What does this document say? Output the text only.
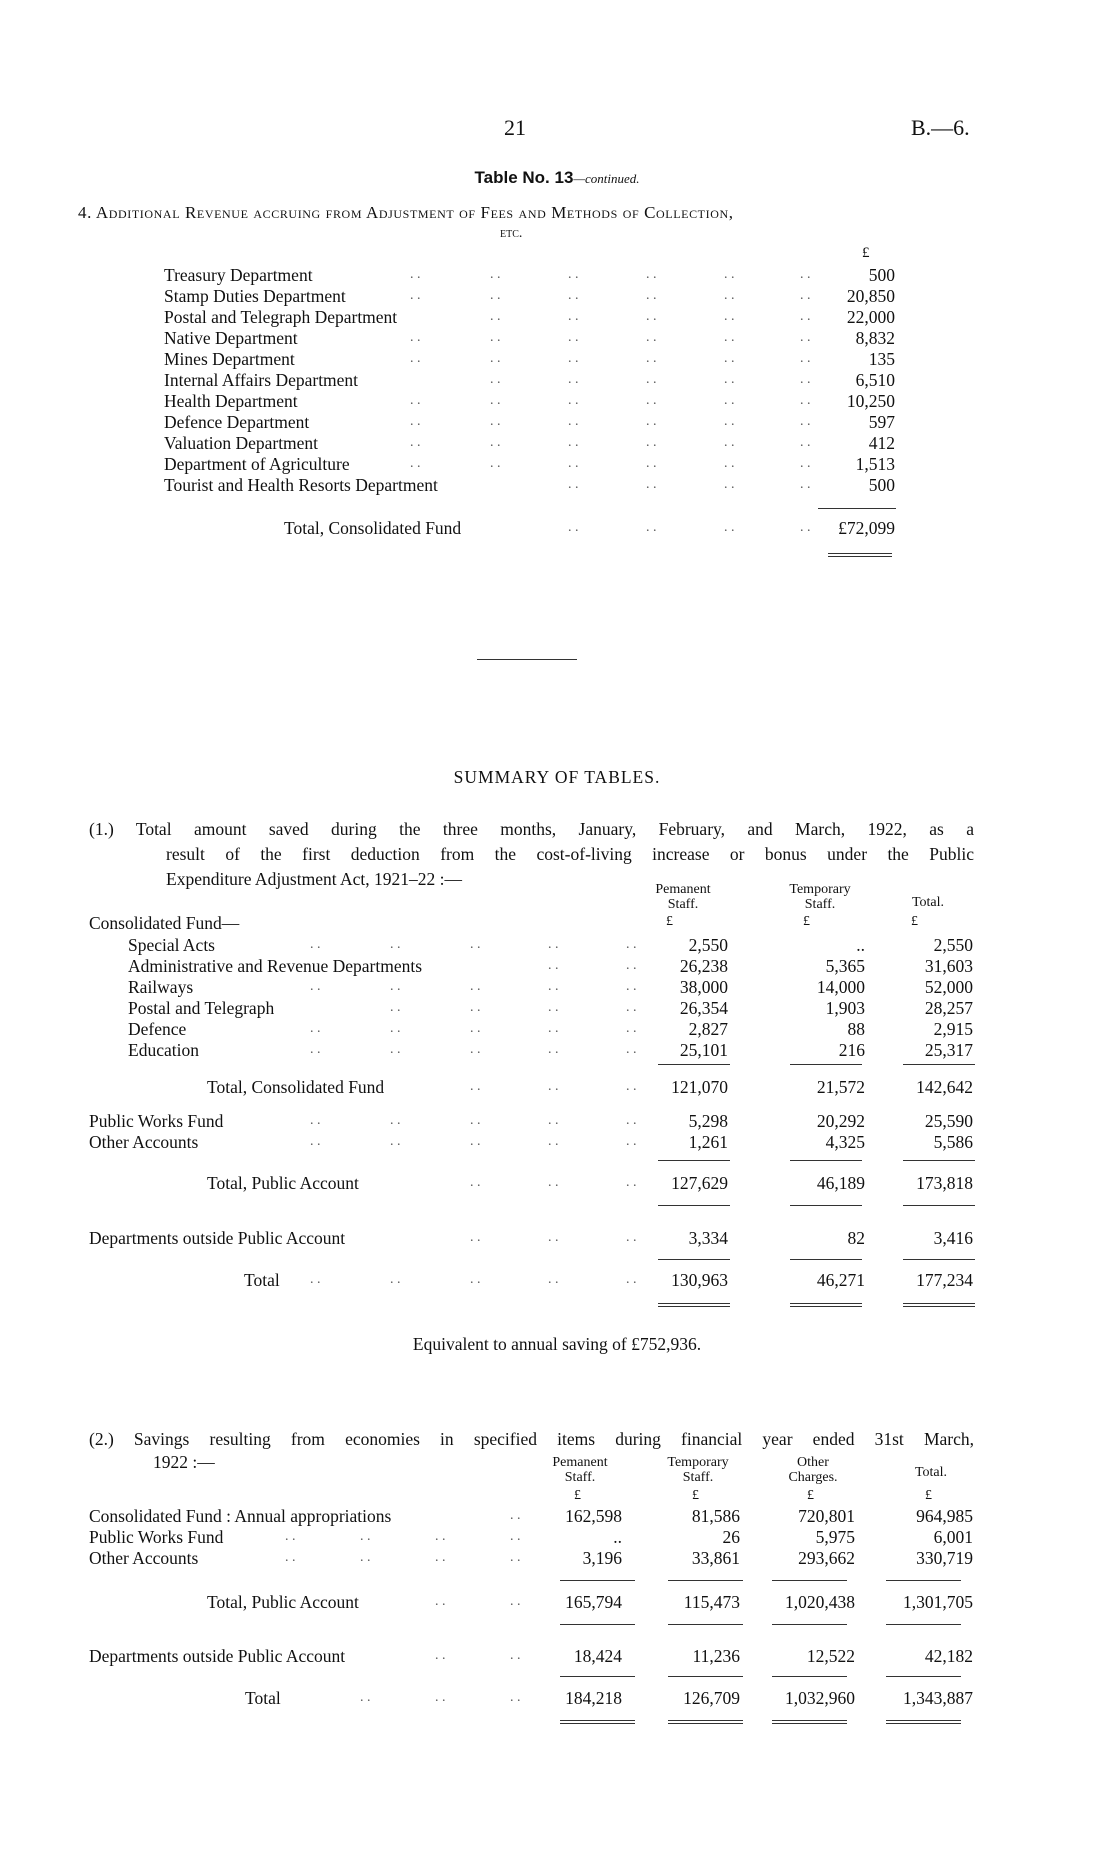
21	B.—6.
Table No. 13—continued.
4. Additional Revenue accruing from Adjustment of Fees and Methods of Collection,
etc.
£
Treasury Department	. .	. .	. .	. .	. .	. .	500
Stamp Duties Department	. .	. .	. .	. .	. .	. .	20,850
Postal and Telegraph Department	. .	. .	. .	. .	. .	22,000
Native Department	. .	. .	. .	. .	. .	. .	8,832
Mines Department	. .	. .	. .	. .	. .	. .	135
Internal Affairs Department	. .	. .	. .	. .	. .	6,510
Health Department	. .	. .	. .	. .	. .	. .	10,250
Defence Department	. .	. .	. .	. .	. .	. .	597
Valuation Department	. .	. .	. .	. .	. .	. .	412
Department of Agriculture	. .	. .	. .	. .	. .	. .	1,513
Tourist and Health Resorts Department	. .	. .	. .	. .	500
Total, Consolidated Fund	. .	. .	. .	. .	£72,099
SUMMARY OF TABLES.
(1.) Total amount saved during the three months, January, February, and March, 1922, as a
result of the first deduction from the cost-of-living increase or bonus under the Public
Expenditure Adjustment Act, 1921–22 :—
Pemanent
Staff.
Temporary
Staff.	Total.
£	£	£
Consolidated Fund—
Special Acts	. .	. .	. .	. .	. .	2,550	..	2,550
Administrative and Revenue Departments	. .	. .	26,238	5,365	31,603
Railways	. .	. .	. .	. .	. .	38,000	14,000	52,000
Postal and Telegraph	. .	. .	. .	. .	26,354	1,903	28,257
Defence	. .	. .	. .	. .	. .	2,827	88	2,915
Education	. .	. .	. .	. .	. .	25,101	216	25,317
Total, Consolidated Fund	. .	. .	. .	121,070	21,572	142,642
Public Works Fund	. .	. .	. .	. .	. .	5,298	20,292	25,590
Other Accounts	. .	. .	. .	. .	. .	1,261	4,325	5,586
Total, Public Account	. .	. .	. .	127,629	46,189	173,818
Departments outside Public Account	. .	. .	. .	3,334	82	3,416
Total . .	. .	. .	. .	. .	130,963	46,271	177,234
Equivalent to annual saving of £752,936.
(2.) Savings resulting from economies in specified items during financial year ended 31st March,
1922 :—	Pemanent
Staff.
Temporary
Staff.
Other
Charges.	Total.
£	£	£	£
Consolidated Fund : Annual appropriations	. .	162,598	81,586	720,801	964,985
Public Works Fund	. .	. .	. .	. .	..	26	5,975	6,001
Other Accounts	. .	. .	. .	. .	3,196	33,861	293,662	330,719
Total, Public Account	. .	. .	165,794	115,473	1,020,438	1,301,705
Departments outside Public Account	. .	. .	18,424	11,236	12,522	42,182
Total	. .	. .	. .	184,218	126,709	1,032,960	1,343,887
